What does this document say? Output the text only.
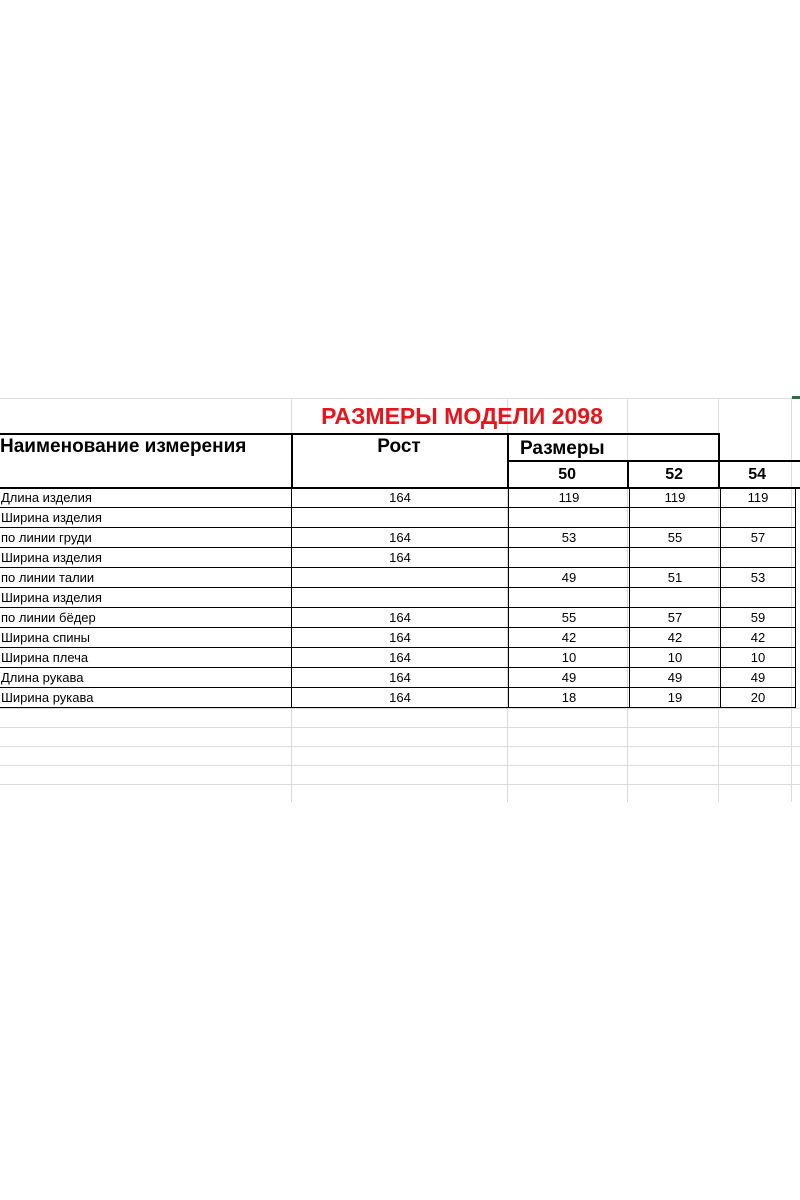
РАЗМЕРЫ МОДЕЛИ 2098
Наименование измерения	Рост	Размеры
50	52	54
Длина изделия	164	119	119	119
Ширина изделия				
по линии груди	164	53	55	57
Ширина изделия	164			
по линии талии		49	51	53
Ширина изделия				
по линии бёдер	164	55	57	59
Ширина спины	164	42	42	42
Ширина плеча	164	10	10	10
Длина рукава	164	49	49	49
Ширина рукава	164	18	19	20
